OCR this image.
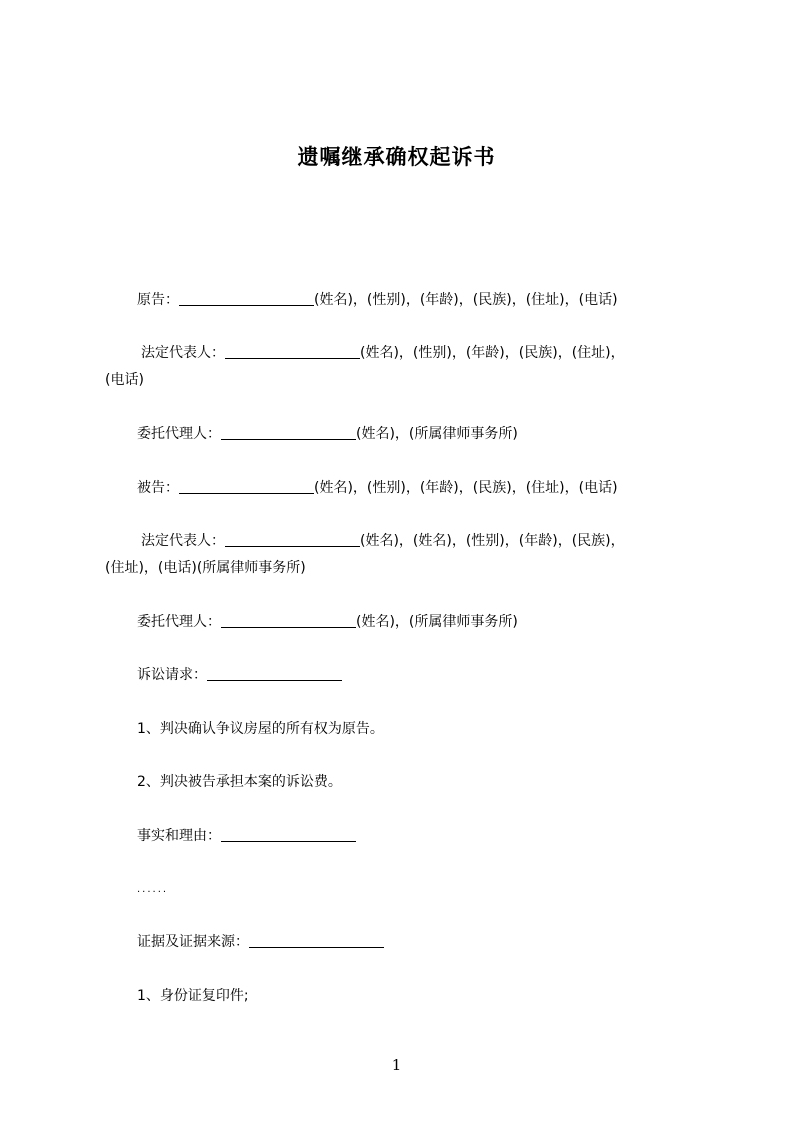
遗嘱继承确权起诉书
原告：	(姓名)，(性别)，(年龄)，(民族)，(住址)，(电话)
法定代表人：	(姓名)，(性别)，(年龄)，(民族)，(住址)，
(电话)
委托代理人：	(姓名)，(所属律师事务所)
被告：	(姓名)，(性别)，(年龄)，(民族)，(住址)，(电话)
法定代表人：	(姓名)，(姓名)，(性别)，(年龄)，(民族)，
(住址)，(电话)(所属律师事务所)
委托代理人：	(姓名)，(所属律师事务所)
诉讼请求：
1、判决确认争议房屋的所有权为原告。
2、判决被告承担本案的诉讼费。
事实和理由：
......
证据及证据来源：
1、身份证复印件;
1
